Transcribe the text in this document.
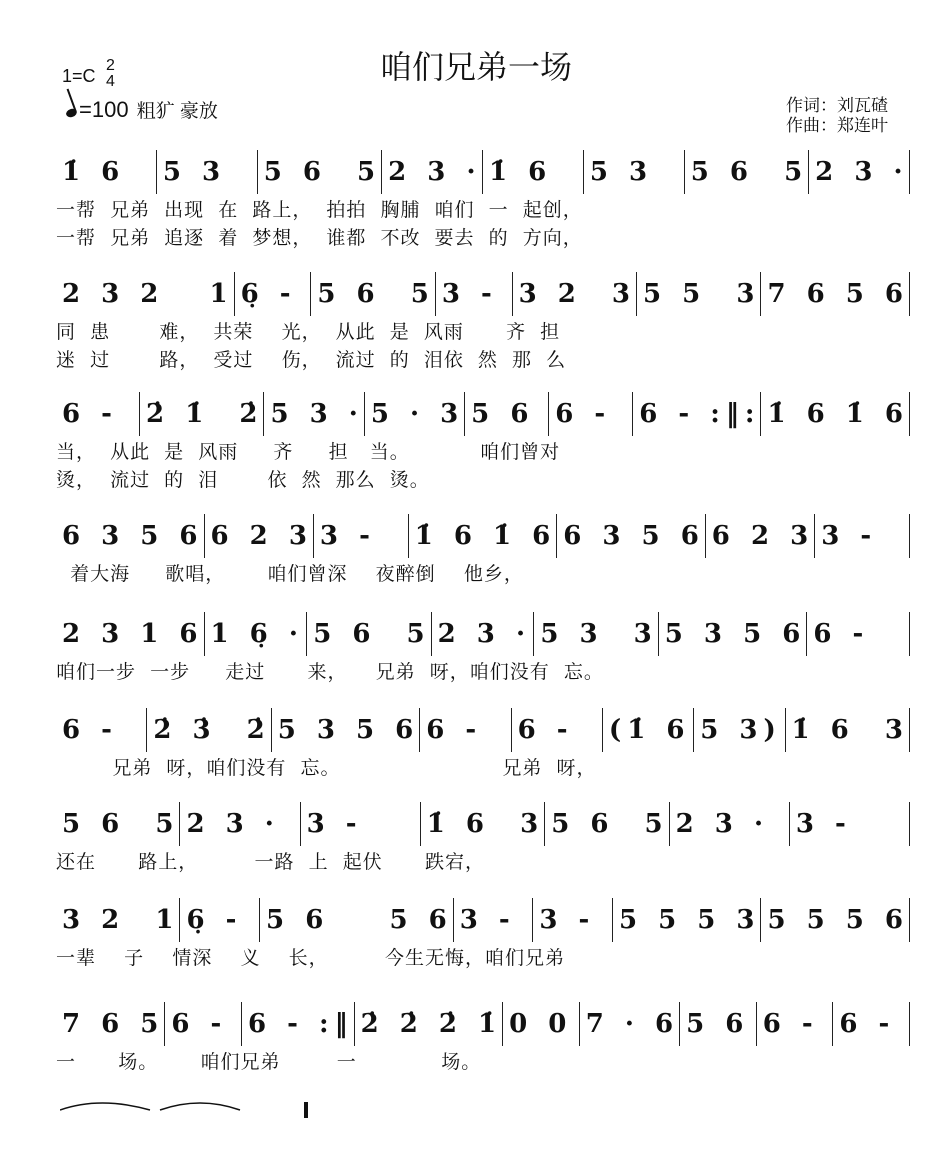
咱们兄弟一场
1=C
2
4
=100 粗犷 豪放	作词：刘瓦碴
作曲：郑连叶
1̇ 6	5 3	5 6  5 2 3 · 1̇ 6	5 3	5 6  5 2 3 ·
一帮  兄弟  出现  在  路上，  拍拍  胸脯  咱们  一  起创，
一帮  兄弟  追逐  着  梦想，  谁都  不改  要去  的  方向，
2 3 2   1 6̣ - 5 6  5 3 - 3 2  3 5 5  3 7 6 5 6
同  患       难，  共荣    光，  从此  是  风雨      齐  担
迷  过       路，  受过    伤，  流过  的  泪依  然  那  么
6 -	2̇ 1̇  2̇ 5 3 · 5 · 3 5 6 6 -	6 - :‖: 1̇ 6 1̇ 6
当，  从此  是  风雨     齐     担   当。          咱们曾对
烫，  流过  的  泪       依  然  那么  烫。
6 3 5 6 6 2 3 3 -	1̇ 6 1̇ 6 6 3 5 6 6 2 3 3 -
着大海     歌唱，      咱们曾深    夜醉倒    他乡，
2 3 1 6 1 6̣ · 5 6  5 2 3 · 5 3  3 5 3 5 6 6 -
咱们一步  一步     走过      来，    兄弟  呀，咱们没有  忘。
6 -	2̇ 3̇  2̇ 5 3 5 6 6 -	6 -	(1̇ 6 5 3) 1̇ 6  3
兄弟  呀，咱们没有  忘。                       兄弟  呀，
5 6  5 2 3 ·	3 -	1̇ 6  3 5 6  5 2 3 ·	3 -
还在      路上，        一路  上  起伏      跌宕，
3 2  1 6̣ - 5 6    5 6 3 - 3 - 5 5 5 3 5 5 5 6
一辈    子    情深    义    长，        今生无悔，咱们兄弟
7 6 5 6 - 6 - :‖ 2̇ 2̇ 2̇ 1̇ 0 0 7 · 6 5 6 6 - 6 -
一      场。      咱们兄弟        一            场。
